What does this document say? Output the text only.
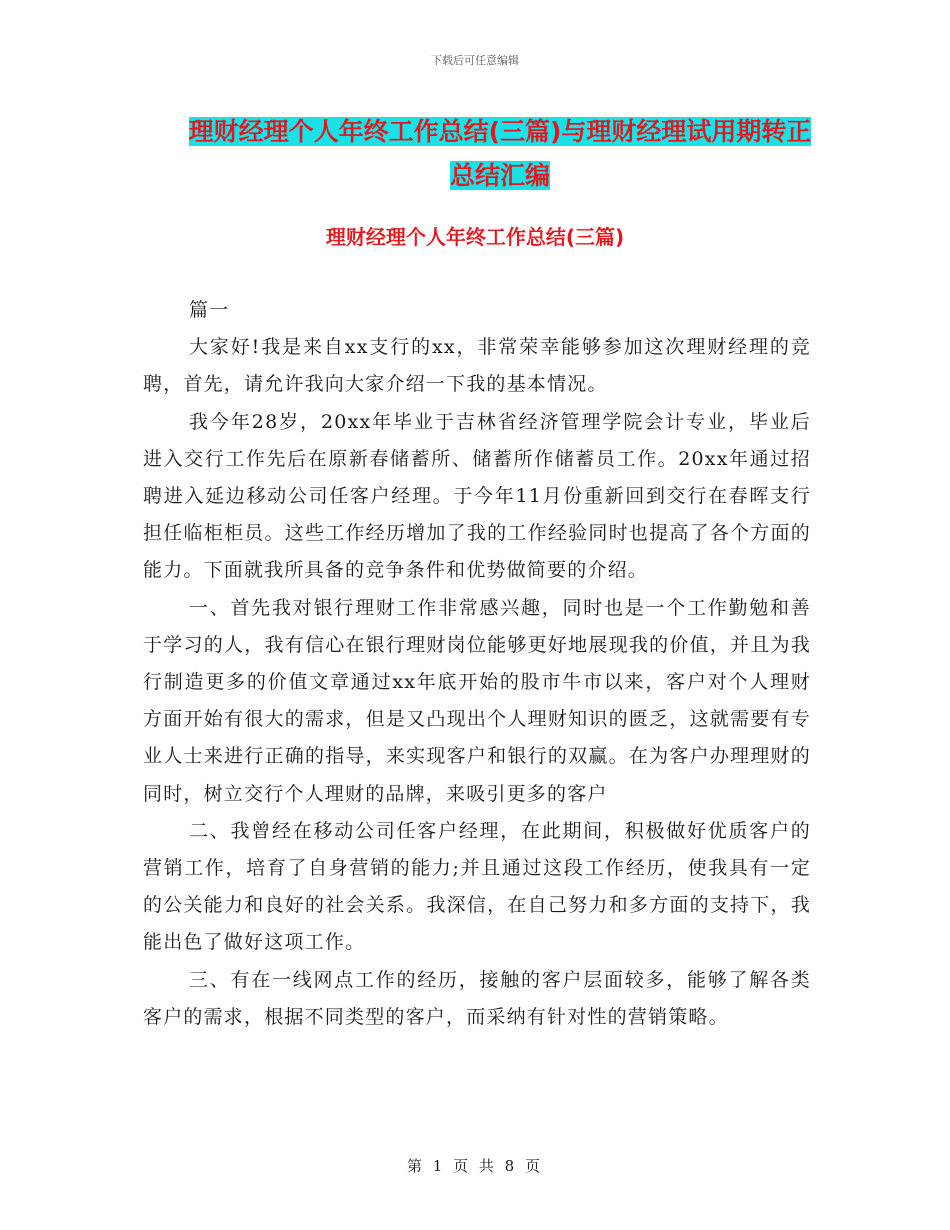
下载后可任意编辑
理财经理个人年终工作总结(三篇)与理财经理试用期转正总结汇编
理财经理个人年终工作总结(三篇)

篇一

大家好!我是来自xx支行的xx，非常荣幸能够参加这次理财经理的竞聘，首先，请允许我向大家介绍一下我的基本情况。

我今年28岁，20xx年毕业于吉林省经济管理学院会计专业，毕业后进入交行工作先后在原新春储蓄所、储蓄所作储蓄员工作。20xx年通过招聘进入延边移动公司任客户经理。于今年11月份重新回到交行在春晖支行担任临柜柜员。这些工作经历增加了我的工作经验同时也提高了各个方面的能力。下面就我所具备的竞争条件和优势做简要的介绍。

一、首先我对银行理财工作非常感兴趣，同时也是一个工作勤勉和善于学习的人，我有信心在银行理财岗位能够更好地展现我的价值，并且为我行制造更多的价值文章通过xx年底开始的股市牛市以来，客户对个人理财方面开始有很大的需求，但是又凸现出个人理财知识的匮乏，这就需要有专业人士来进行正确的指导，来实现客户和银行的双赢。在为客户办理理财的同时，树立交行个人理财的品牌，来吸引更多的客户

二、我曾经在移动公司任客户经理，在此期间，积极做好优质客户的营销工作，培育了自身营销的能力;并且通过这段工作经历，使我具有一定的公关能力和良好的社会关系。我深信，在自己努力和多方面的支持下，我能出色了做好这项工作。

三、有在一线网点工作的经历，接触的客户层面较多，能够了解各类客户的需求，根据不同类型的客户，而采纳有针对性的营销策略。

第 1 页 共 8 页
